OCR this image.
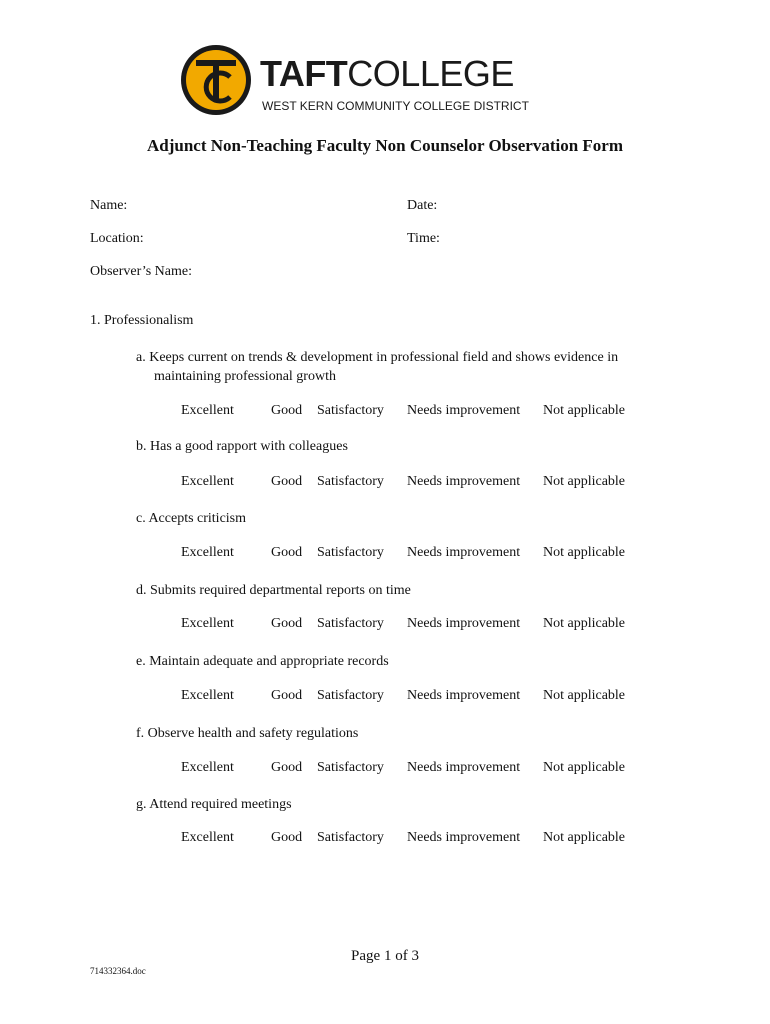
TAFTCOLLEGE
WEST KERN COMMUNITY COLLEGE DISTRICT
Adjunct Non-Teaching Faculty Non Counselor Observation Form
Name:	Date:
Location:	Time:
Observer’s Name:
1. Professionalism
a. Keeps current on trends & development in professional field and shows evidence in
maintaining professional growth
Excellent	Good Satisfactory Needs improvement Not applicable
b. Has a good rapport with colleagues
Excellent	Good Satisfactory Needs improvement Not applicable
c. Accepts criticism
Excellent	Good Satisfactory Needs improvement Not applicable
d. Submits required departmental reports on time
Excellent	Good Satisfactory Needs improvement Not applicable
e. Maintain adequate and appropriate records
Excellent	Good Satisfactory Needs improvement Not applicable
f. Observe health and safety regulations
Excellent	Good Satisfactory Needs improvement Not applicable
g. Attend required meetings
Excellent	Good Satisfactory Needs improvement Not applicable
Page 1 of 3
714332364.doc
